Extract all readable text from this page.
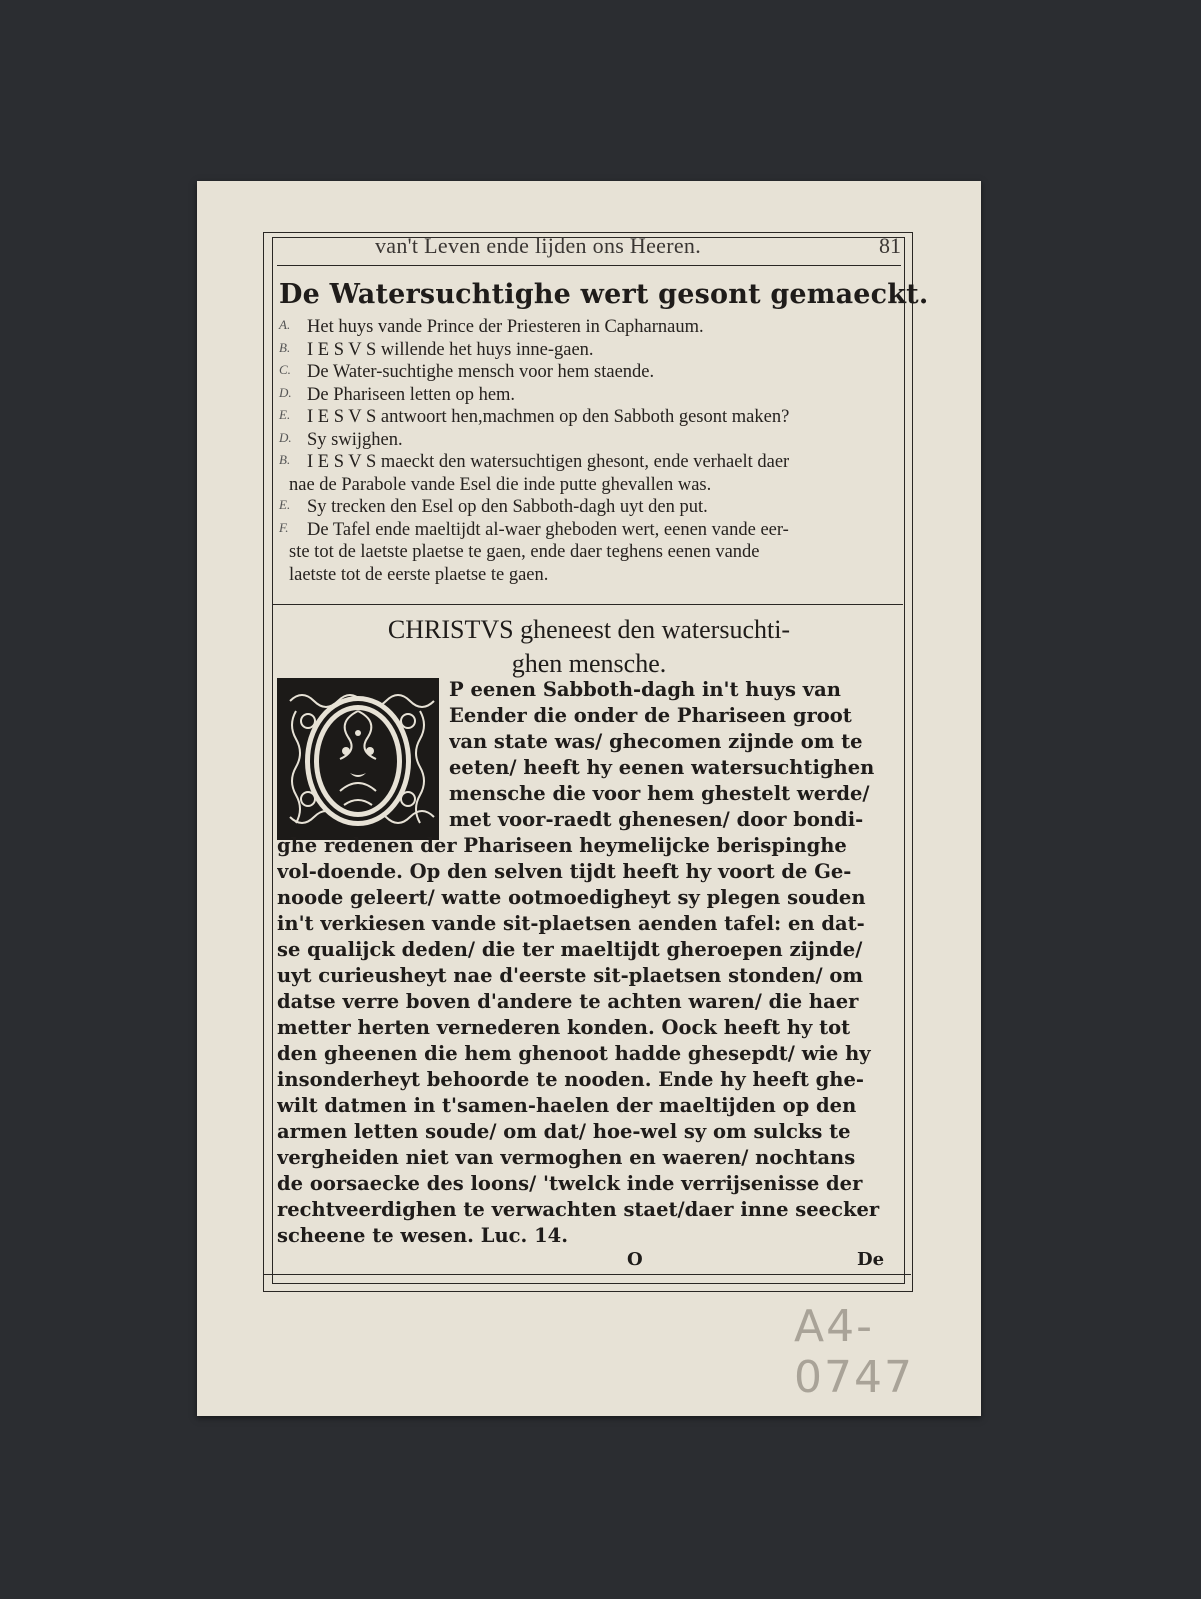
van't Leven ende lijden ons Heeren.	81
De Watersuchtighe wert gesont gemaeckt.
A. Het huys vande Prince der Priesteren in Capharnaum.
B. I E S V S willende het huys inne-gaen.
C. De Water-suchtighe mensch voor hem staende.
D. De Phariseen letten op hem.
E. I E S V S antwoort hen,machmen op den Sabboth gesont maken?
D. Sy swijghen.
B. I E S V S maeckt den watersuchtigen ghesont, ende verhaelt daer
nae de Parabole vande Esel die inde putte ghevallen was.
E. Sy trecken den Esel op den Sabboth-dagh uyt den put.
F. De Tafel ende maeltijdt al-waer gheboden wert, eenen vande eer-
ste tot de laetste plaetse te gaen, ende daer teghens eenen vande
laetste tot de eerste plaetse te gaen.
CHRISTVS gheneest den watersuchti-
ghen mensche.
P eenen Sabboth-dagh in't huys van
Eender die onder de Phariseen groot
van state was/ ghecomen zijnde om te
eeten/ heeft hy eenen watersuchtighen
mensche die voor hem ghestelt werde/
met voor-raedt ghenesen/ door bondi-
ghe redenen der Phariseen heymelijcke berispinghe
vol-doende. Op den selven tijdt heeft hy voort de Ge-
noode geleert/ watte ootmoedigheyt sy plegen souden
in't verkiesen vande sit-plaetsen aenden tafel: en dat-
se qualijck deden/ die ter maeltijdt gheroepen zijnde/
uyt curieusheyt nae d'eerste sit-plaetsen stonden/ om
datse verre boven d'andere te achten waren/ die haer
metter herten vernederen konden. Oock heeft hy tot
den gheenen die hem ghenoot hadde ghesepdt/ wie hy
insonderheyt behoorde te nooden. Ende hy heeft ghe-
wilt datmen in t'samen-haelen der maeltijden op den
armen letten soude/ om dat/ hoe-wel sy om sulcks te
vergheiden niet van vermoghen en waeren/ nochtans
de oorsaecke des loons/ 'twelck inde verrijsenisse der
rechtveerdighen te verwachten staet/daer inne seecker
scheene te wesen. Luc. 14.
O	De
A4-0747
